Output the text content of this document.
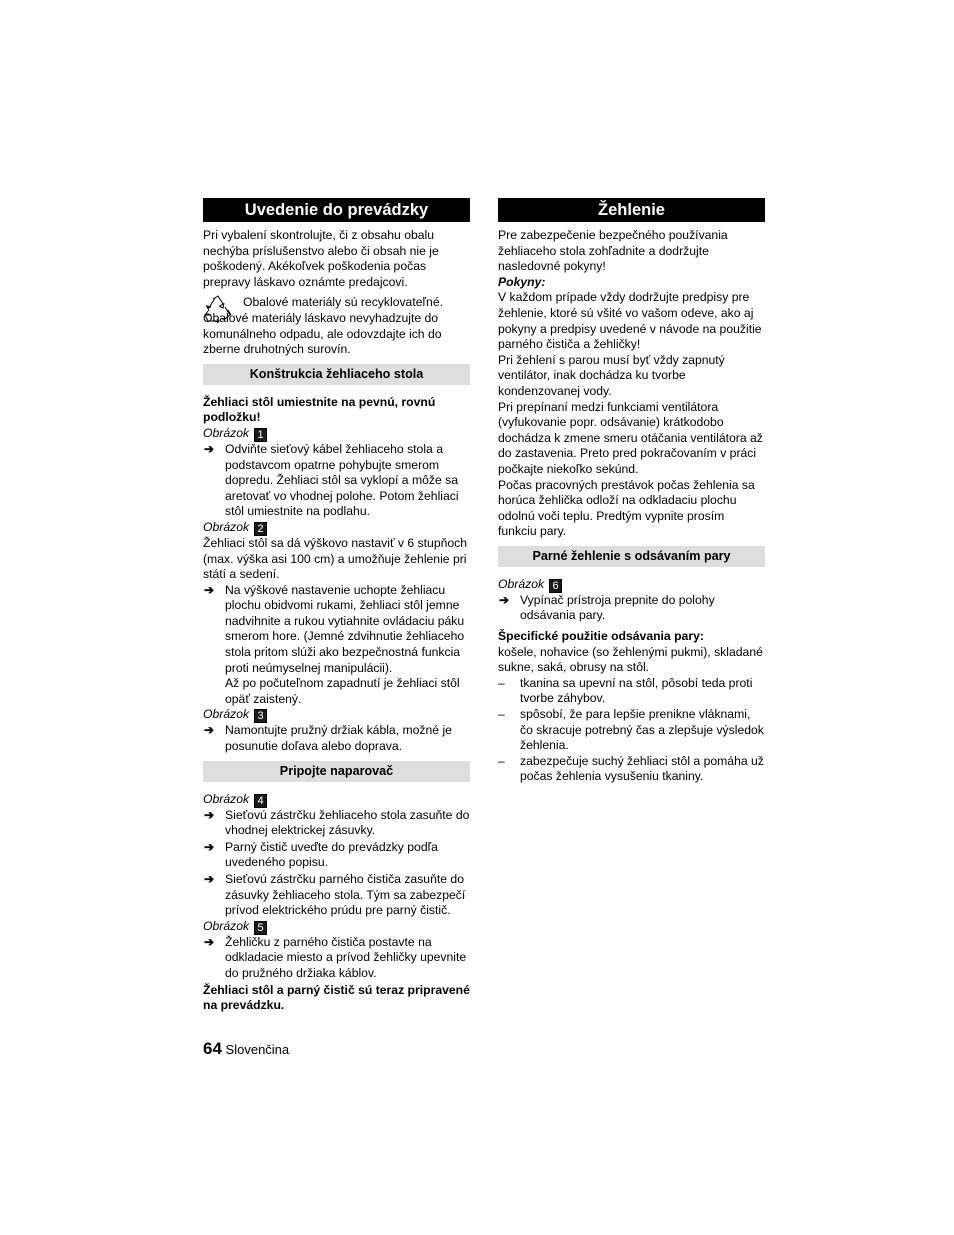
Uvedenie do prevádzky

Pri vybalení skontrolujte, či z obsahu obalu nechýba príslušenstvo alebo či obsah nie je poškodený. Akékoľvek poškodenia počas prepravy láskavo oznámte predajcovi.

Obalové materiály sú recyklovateľné. Obalové materiály láskavo nevyhadzujte do komunálneho odpadu, ale odovzdajte ich do zberne druhotných surovín.

Konštrukcia žehliaceho stola

Žehliaci stôl umiestnite na pevnú, rovnú podložku!

Obrázok 1

➔ Odviňte sieťový kábel žehliaceho stola a podstavcom opatrne pohybujte smerom dopredu. Žehliaci stôl sa vyklopí a môže sa aretovať vo vhodnej polohe. Potom žehliaci stôl umiestnite na podlahu.

Obrázok 2

Žehliaci stôl sa dá výškovo nastaviť v 6 stupňoch (max. výška asi 100 cm) a umožňuje žehlenie pri státí a sedení.

➔ Na výškové nastavenie uchopte žehliacu plochu obidvomi rukami, žehliaci stôl jemne nadvihnite a rukou vytiahnite ovládaciu páku smerom hore. (Jemné zdvihnutie žehliaceho stola pritom slúži ako bezpečnostná funkcia proti neúmyselnej manipulácii).

Až po počuteľnom zapadnutí je žehliaci stôl opäť zaistený.

Obrázok 3

➔ Namontujte pružný držiak kábla, možné je posunutie doľava alebo doprava.
Pripojte naparovač

Obrázok 4

➔ Sieťovú zástrčku žehliaceho stola zasuňte do vhodnej elektrickej zásuvky.
➔ Parný čistič uveďte do prevádzky podľa uvedeného popisu.
➔ Sieťovú zástrčku parného čističa zasuňte do zásuvky žehliaceho stola. Tým sa zabezpečí prívod elektrického prúdu pre parný čistič.

Obrázok 5

➔ Žehličku z parného čističa postavte na odkladacie miesto a prívod žehličky upevnite do pružného držiaka káblov.

Žehliaci stôl a parný čistič sú teraz pripravené na prevádzku.

Žehlenie

Pre zabezpečenie bezpečného používania žehliaceho stola zohľadnite a dodržujte nasledovné pokyny!

Pokyny:

V každom prípade vždy dodržujte predpisy pre žehlenie, ktoré sú všité vo vašom odeve, ako aj pokyny a predpisy uvedené v návode na použitie parného čističa a žehličky!

Pri žehlení s parou musí byť vždy zapnutý ventilátor, inak dochádza ku tvorbe kondenzovanej vody.

Pri prepínaní medzi funkciami ventilátora (vyfukovanie popr. odsávanie) krátkodobo dochádza k zmene smeru otáčania ventilátora až do zastavenia. Preto pred pokračovaním v práci počkajte niekoľko sekúnd.

Počas pracovných prestávok počas žehlenia sa horúca žehlička odloží na odkladaciu plochu odolnú voči teplu. Predtým vypnite prosím funkciu pary.

Parné žehlenie s odsávaním pary

Obrázok 6

➔ Vypínač prístroja prepnite do polohy odsávania pary.

Špecifické použitie odsávania pary:

košele, nohavice (so žehlenými pukmi), skladané sukne, saká, obrusy na stôl.

– tkanina sa upevní na stôl, pôsobí teda proti tvorbe záhybov.
– spôsobí, že para lepšie prenikne vláknami, čo skracuje potrebný čas a zlepšuje výsledok žehlenia.
– zabezpečuje suchý žehliaci stôl a pomáha už počas žehlenia vysušeniu tkaniny.
64 Slovenčina
